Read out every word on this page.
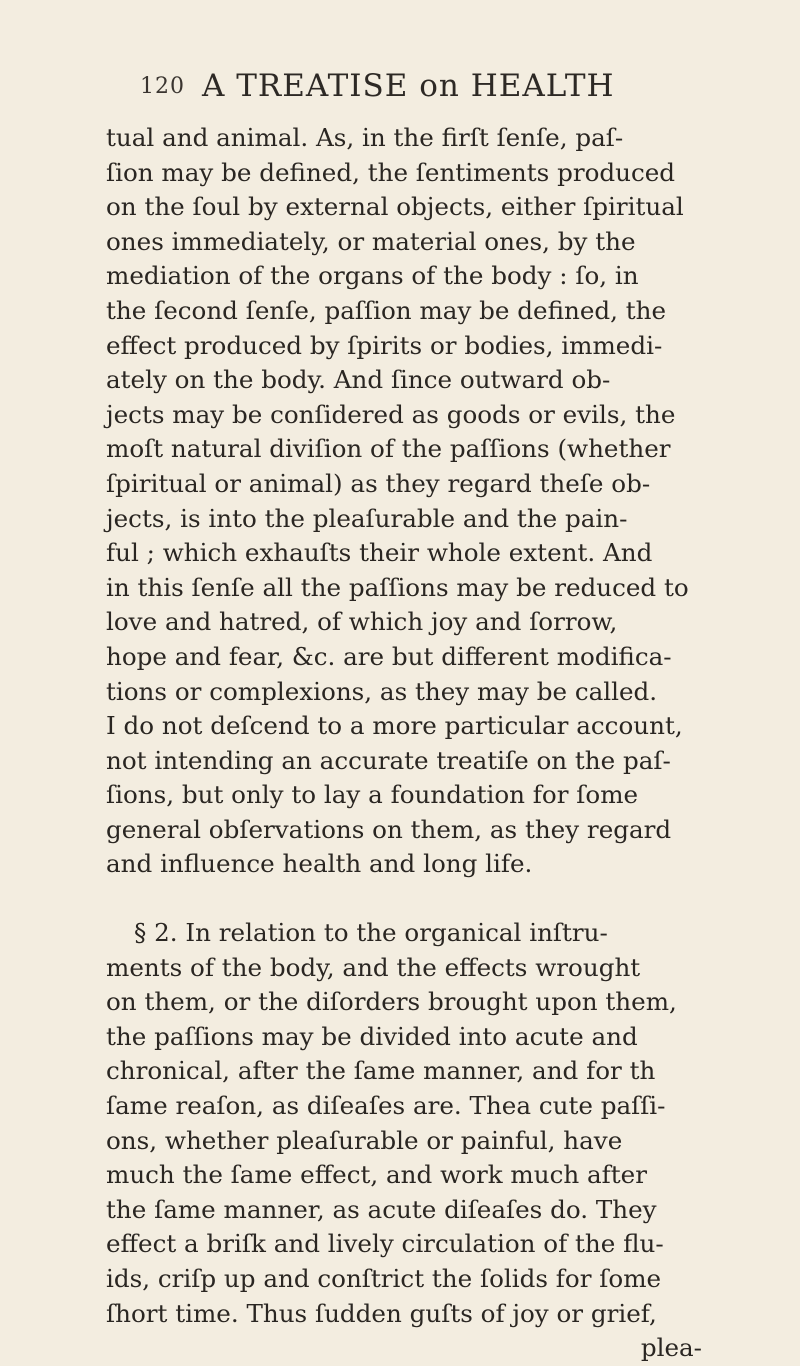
120 A TREATISE on HEALTH
tual and animal. As, in the firſt ſenſe, paſ-
ſion may be defined, the ſentiments produced
on the ſoul by external objects, either ſpiritual
ones immediately, or material ones, by the
mediation of the organs of the body : ſo, in
the ſecond ſenſe, paſſion may be defined, the
effect produced by ſpirits or bodies, immedi-
ately on the body. And ſince outward ob-
jects may be conſidered as goods or evils, the
moſt natural diviſion of the paſſions (whether
ſpiritual or animal) as they regard theſe ob-
jects, is into the pleaſurable and the pain-
ful ; which exhauſts their whole extent. And
in this ſenſe all the paſſions may be reduced to
love and hatred, of which joy and ſorrow,
hope and fear, &c. are but different modifica-
tions or complexions, as they may be called.
I do not deſcend to a more particular account,
not intending an accurate treatiſe on the paſ-
ſions, but only to lay a foundation for ſome
general obſervations on them, as they regard
and influence health and long life.
§ 2. In relation to the organical inſtru-
ments of the body, and the effects wrought
on them, or the diſorders brought upon them,
the paſſions may be divided into acute and
chronical, after the ſame manner, and for th
ſame reaſon, as diſeaſes are. Thea cute paſſi-
ons, whether pleaſurable or painful, have
much the ſame effect, and work much after
the ſame manner, as acute diſeaſes do. They
effect a briſk and lively circulation of the flu-
ids, criſp up and conſtrict the ſolids for ſome
ſhort time. Thus ſudden guſts of joy or grief,
plea-
